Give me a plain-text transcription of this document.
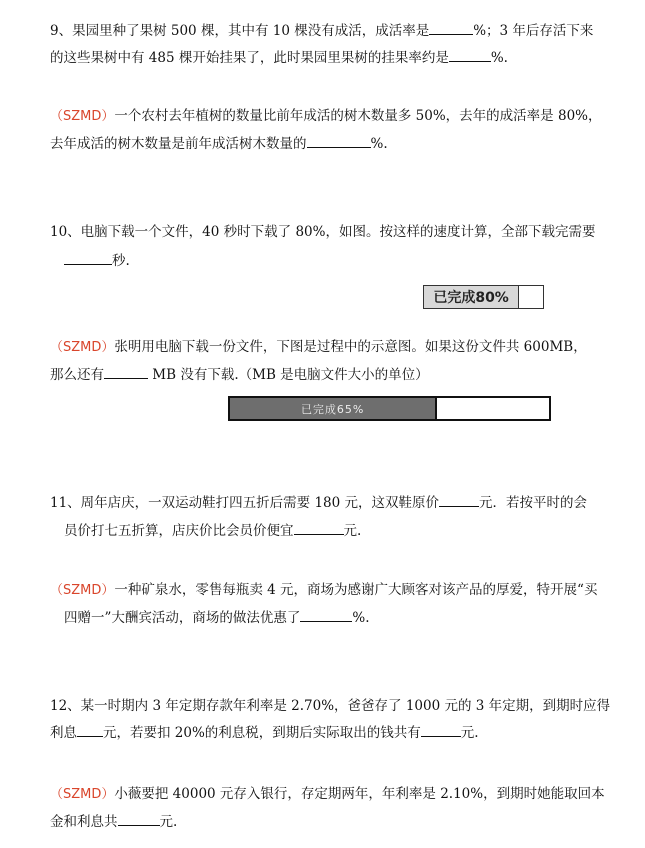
9、果园里种了果树 500 棵，其中有 10 棵没有成活，成活率是	%；3 年后存活下来
的这些果树中有 485 棵开始挂果了，此时果园里果树的挂果率约是	%.
（SZMD）一个农村去年植树的数量比前年成活的树木数量多 50%，去年的成活率是 80%，
去年成活的树木数量是前年成活树木数量的	%.
10、电脑下载一个文件，40 秒时下载了 80%，如图。按这样的速度计算，全部下载完需要
秒.
已完成80%
（SZMD）张明用电脑下载一份文件，下图是过程中的示意图。如果这份文件共 600MB，
那么还有	MB 没有下载.（MB 是电脑文件大小的单位）
已完成65%
11、周年店庆，一双运动鞋打四五折后需要 180 元，这双鞋原价	元．若按平时的会
员价打七五折算，店庆价比会员价便宜	元.
（SZMD）一种矿泉水，零售每瓶卖 4 元，商场为感谢广大顾客对该产品的厚爱，特开展“买
四赠一”大酬宾活动，商场的做法优惠了	%.
12、某一时期内 3 年定期存款年利率是 2.70%，爸爸存了 1000 元的 3 年定期，到期时应得
利息 元，若要扣 20%的利息税，到期后实际取出的钱共有	元.
（SZMD）小薇要把 40000 元存入银行，存定期两年，年利率是 2.10%，到期时她能取回本
金和利息共	元.
